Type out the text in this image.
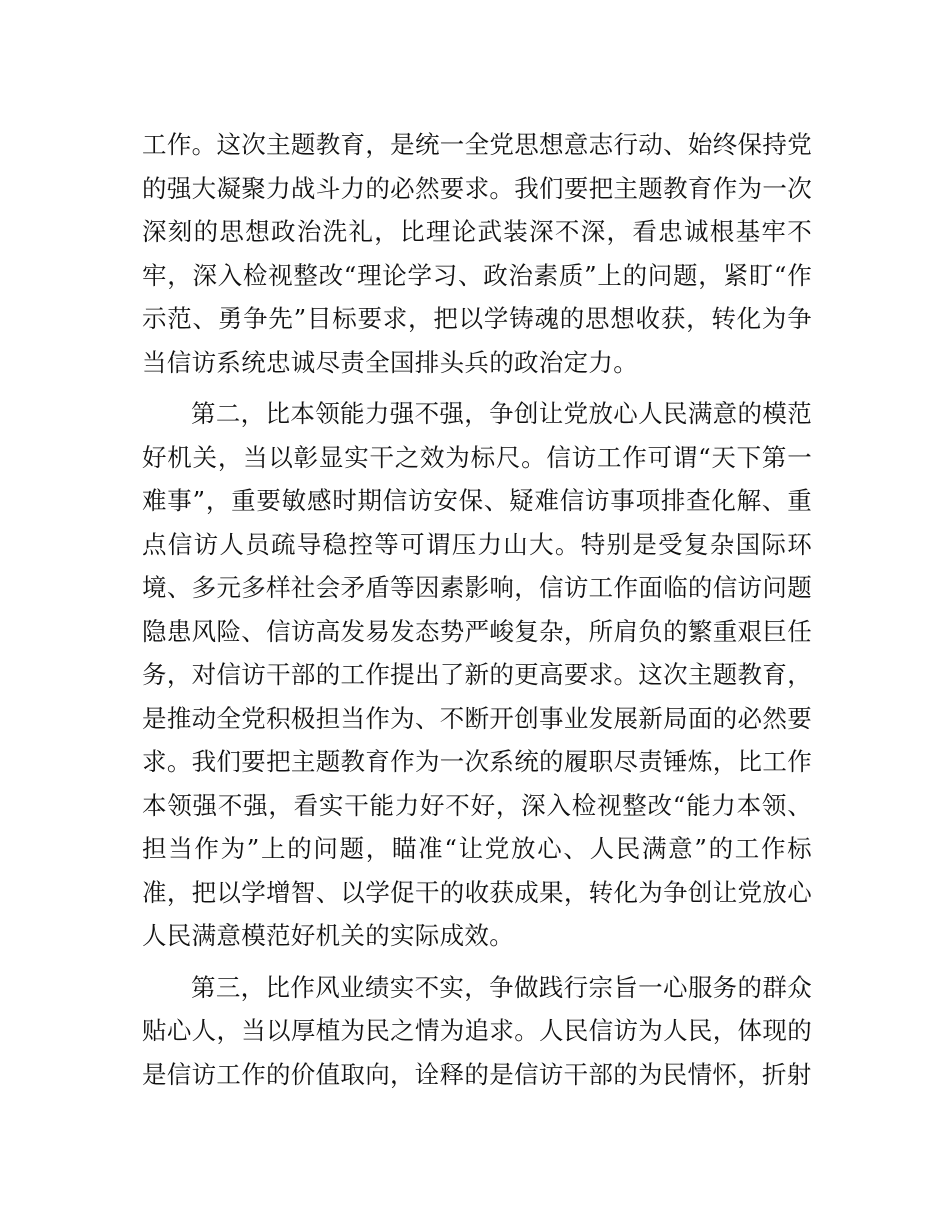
工作。这次主题教育，是统一全党思想意志行动、始终保持党的强大凝聚力战斗力的必然要求。我们要把主题教育作为一次深刻的思想政治洗礼，比理论武装深不深，看忠诚根基牢不牢，深入检视整改“理论学习、政治素质”上的问题，紧盯“作示范、勇争先”目标要求，把以学铸魂的思想收获，转化为争当信访系统忠诚尽责全国排头兵的政治定力。

第二，比本领能力强不强，争创让党放心人民满意的模范好机关，当以彰显实干之效为标尺。信访工作可谓“天下第一难事”，重要敏感时期信访安保、疑难信访事项排查化解、重点信访人员疏导稳控等可谓压力山大。特别是受复杂国际环境、多元多样社会矛盾等因素影响，信访工作面临的信访问题隐患风险、信访高发易发态势严峻复杂，所肩负的繁重艰巨任务，对信访干部的工作提出了新的更高要求。这次主题教育，是推动全党积极担当作为、不断开创事业发展新局面的必然要求。我们要把主题教育作为一次系统的履职尽责锤炼，比工作本领强不强，看实干能力好不好，深入检视整改“能力本领、担当作为”上的问题，瞄准“让党放心、人民满意”的工作标准，把以学增智、以学促干的收获成果，转化为争创让党放心人民满意模范好机关的实际成效。

第三，比作风业绩实不实，争做践行宗旨一心服务的群众贴心人，当以厚植为民之情为追求。人民信访为人民，体现的是信访工作的价值取向，诠释的是信访干部的为民情怀，折射
